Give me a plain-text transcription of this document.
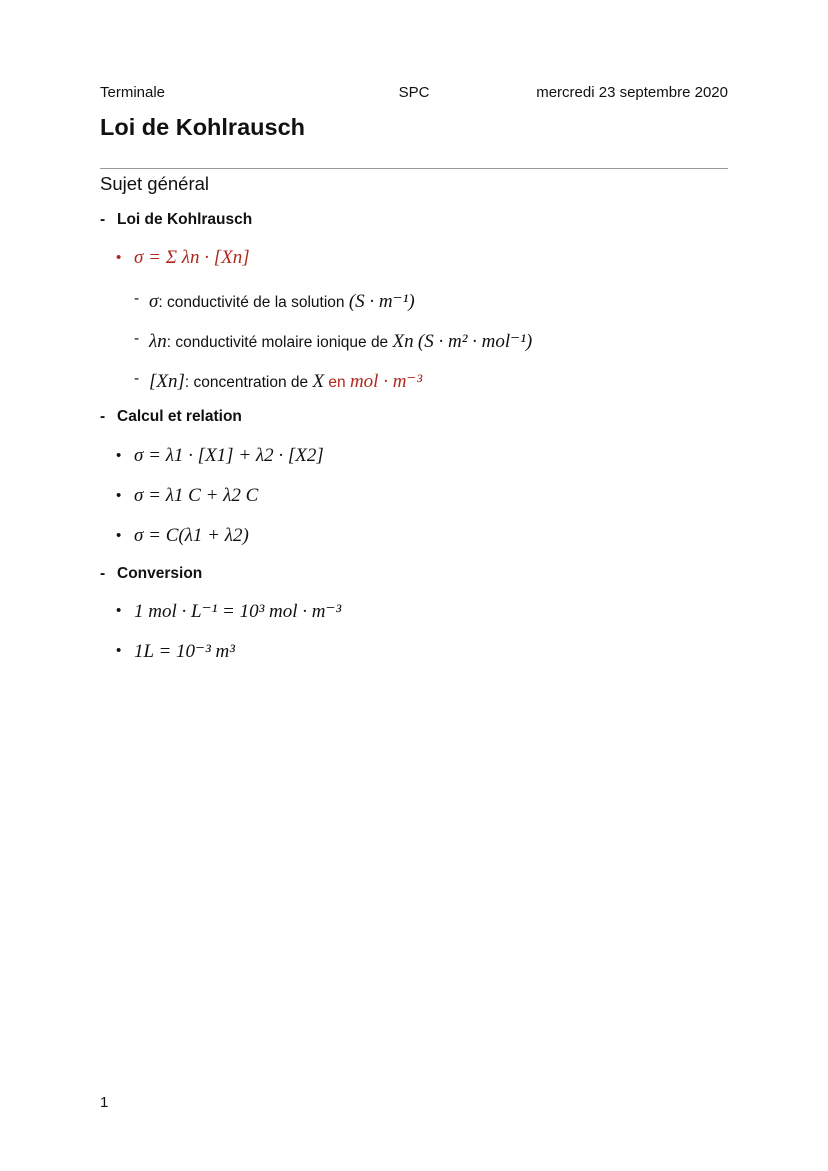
Terminale	SPC	mercredi 23 septembre 2020
Loi de Kohlrausch
Sujet général
- Loi de Kohlrausch
• σ = Σ λn · [Xn]
- σ: conductivité de la solution (S · m⁻¹)
- λn: conductivité molaire ionique de Xn (S · m² · mol⁻¹)
- [Xn]: concentration de X en mol · m⁻³
- Calcul et relation
• σ = λ1 · [X1] + λ2 · [X2]
• σ = λ1 C + λ2 C
• σ = C(λ1 + λ2)
- Conversion
• 1 mol · L⁻¹ = 10³ mol · m⁻³
• 1L = 10⁻³ m³
1
